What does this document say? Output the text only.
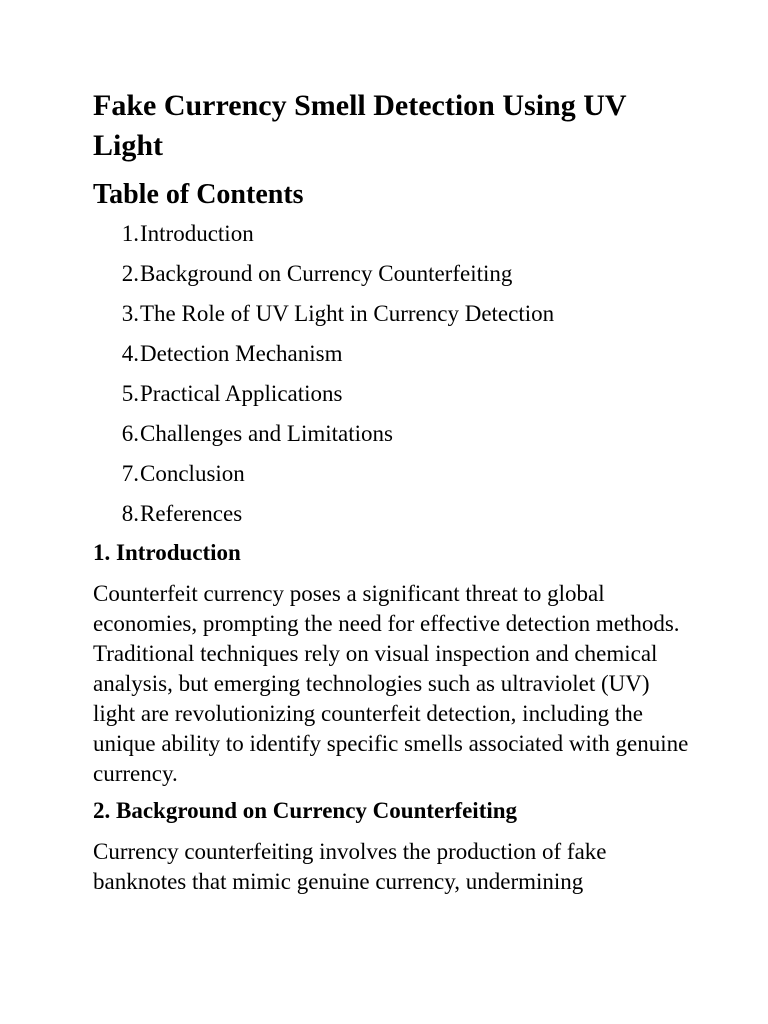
Fake Currency Smell Detection Using UV Light
Table of Contents
1. Introduction
2. Background on Currency Counterfeiting
3. The Role of UV Light in Currency Detection
4. Detection Mechanism
5. Practical Applications
6. Challenges and Limitations
7. Conclusion
8. References
1. Introduction

Counterfeit currency poses a significant threat to global economies, prompting the need for effective detection methods. Traditional techniques rely on visual inspection and chemical analysis, but emerging technologies such as ultraviolet (UV) light are revolutionizing counterfeit detection, including the unique ability to identify specific smells associated with genuine currency.

2. Background on Currency Counterfeiting

Currency counterfeiting involves the production of fake banknotes that mimic genuine currency, undermining
